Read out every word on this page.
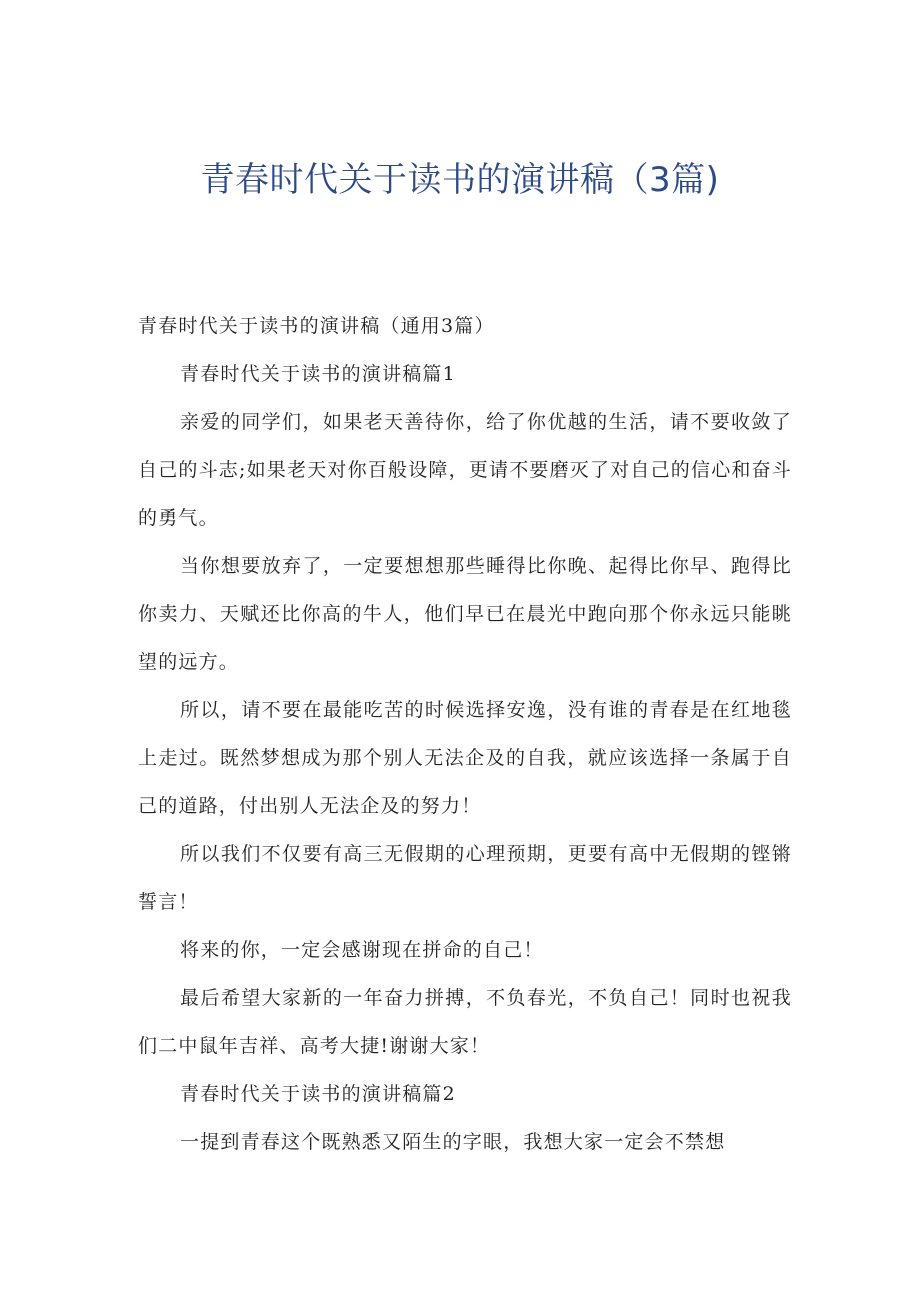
青春时代关于读书的演讲稿（3篇)

青春时代关于读书的演讲稿（通用3篇）

青春时代关于读书的演讲稿篇1

亲爱的同学们，如果老天善待你，给了你优越的生活，请不要收敛了自己的斗志;如果老天对你百般设障，更请不要磨灭了对自己的信心和奋斗的勇气。

当你想要放弃了，一定要想想那些睡得比你晚、起得比你早、跑得比你卖力、天赋还比你高的牛人，他们早已在晨光中跑向那个你永远只能眺望的远方。

所以，请不要在最能吃苦的时候选择安逸，没有谁的青春是在红地毯上走过。既然梦想成为那个别人无法企及的自我，就应该选择一条属于自己的道路，付出别人无法企及的努力！

所以我们不仅要有高三无假期的心理预期，更要有高中无假期的铿锵誓言！

将来的你，一定会感谢现在拼命的自己！

最后希望大家新的一年奋力拼搏，不负春光，不负自己！同时也祝我们二中鼠年吉祥、高考大捷!谢谢大家！

青春时代关于读书的演讲稿篇2

一提到青春这个既熟悉又陌生的字眼，我想大家一定会不禁想
